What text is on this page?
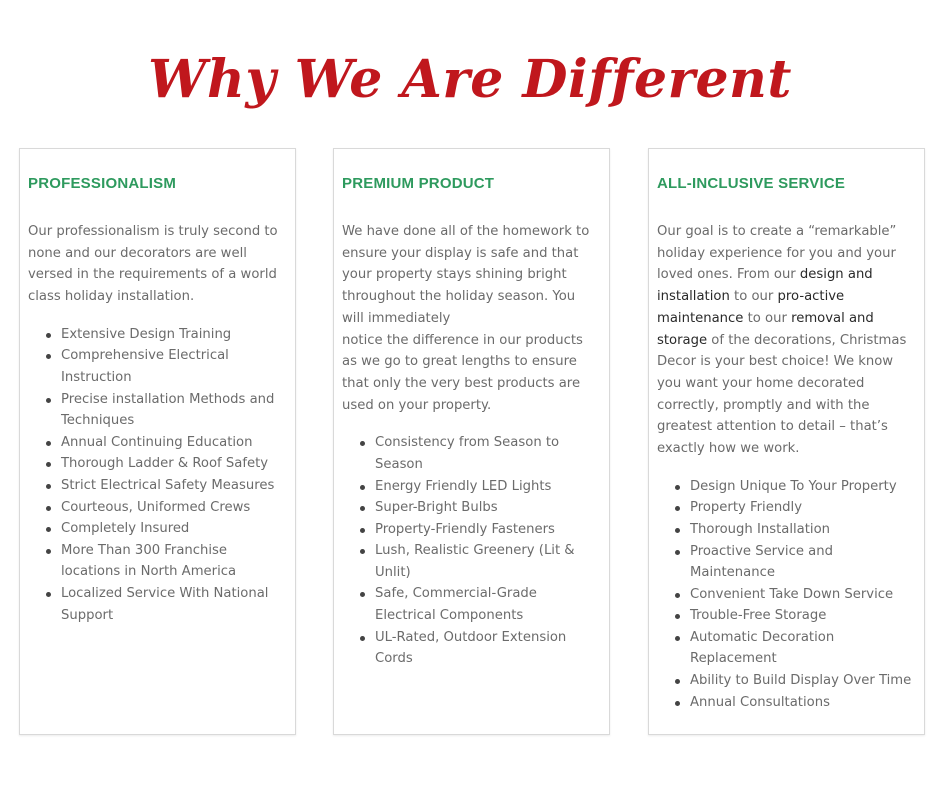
Why We Are Different
PROFESSIONALISM

Our professionalism is truly second to none and our decorators are well versed in the requirements of a world class holiday installation.

Extensive Design Training
Comprehensive Electrical Instruction
Precise installation Methods and Techniques
Annual Continuing Education
Thorough Ladder & Roof Safety
Strict Electrical Safety Measures
Courteous, Uniformed Crews
Completely Insured
More Than 300 Franchise locations in North America
Localized Service With National Support
PREMIUM PRODUCT

We have done all of the homework to ensure your display is safe and that your property stays shining bright throughout the holiday season. You will immediately
notice the difference in our products as we go to great lengths to ensure that only the very best products are used on your property.

Consistency from Season to Season
Energy Friendly LED Lights
Super-Bright Bulbs
Property-Friendly Fasteners
Lush, Realistic Greenery (Lit & Unlit)
Safe, Commercial-Grade Electrical Components
UL-Rated, Outdoor Extension Cords
ALL-INCLUSIVE SERVICE

Our goal is to create a “remarkable” holiday experience for you and your loved ones. From our design and installation to our pro-active maintenance to our removal and storage of the decorations, Christmas Decor is your best choice! We know you want your home decorated correctly, promptly and with the greatest attention to detail – that’s exactly how we work.

Design Unique To Your Property
Property Friendly
Thorough Installation
Proactive Service and Maintenance
Convenient Take Down Service
Trouble-Free Storage
Automatic Decoration Replacement
Ability to Build Display Over Time
Annual Consultations
